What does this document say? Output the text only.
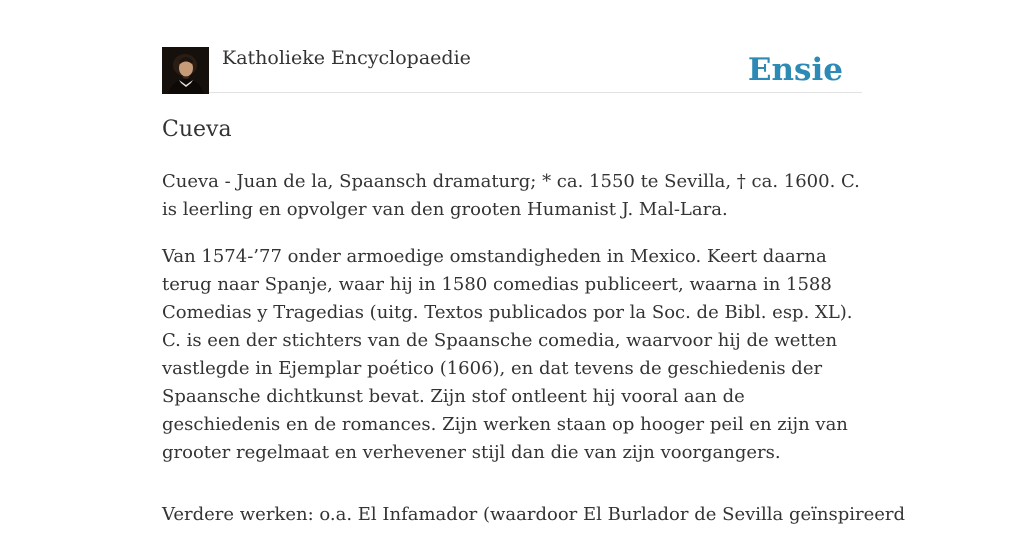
Katholieke Encyclopaedie	Ensie
Cueva

Cueva - Juan de la, Spaansch dramaturg; * ca. 1550 te Sevilla, † ca. 1600. C. is leerling en opvolger van den grooten Humanist J. Mal-Lara.

Van 1574-’77 onder armoedige omstandigheden in Mexico. Keert daarna terug naar Spanje, waar hij in 1580 comedias publiceert, waarna in 1588 Comedias y Tragedias (uitg. Textos publicados por la Soc. de Bibl. esp. XL). C. is een der stichters van de Spaansche comedia, waarvoor hij de wetten vastlegde in Ejemplar poético (1606), en dat tevens de geschiedenis der Spaansche dichtkunst bevat. Zijn stof ontleent hij vooral aan de geschiedenis en de romances. Zijn werken staan op hooger peil en zijn van grooter regelmaat en verhevener stijl dan die van zijn voorgangers.

Verdere werken: o.a. El Infamador (waardoor El Burlador de Sevilla geïnspireerd
